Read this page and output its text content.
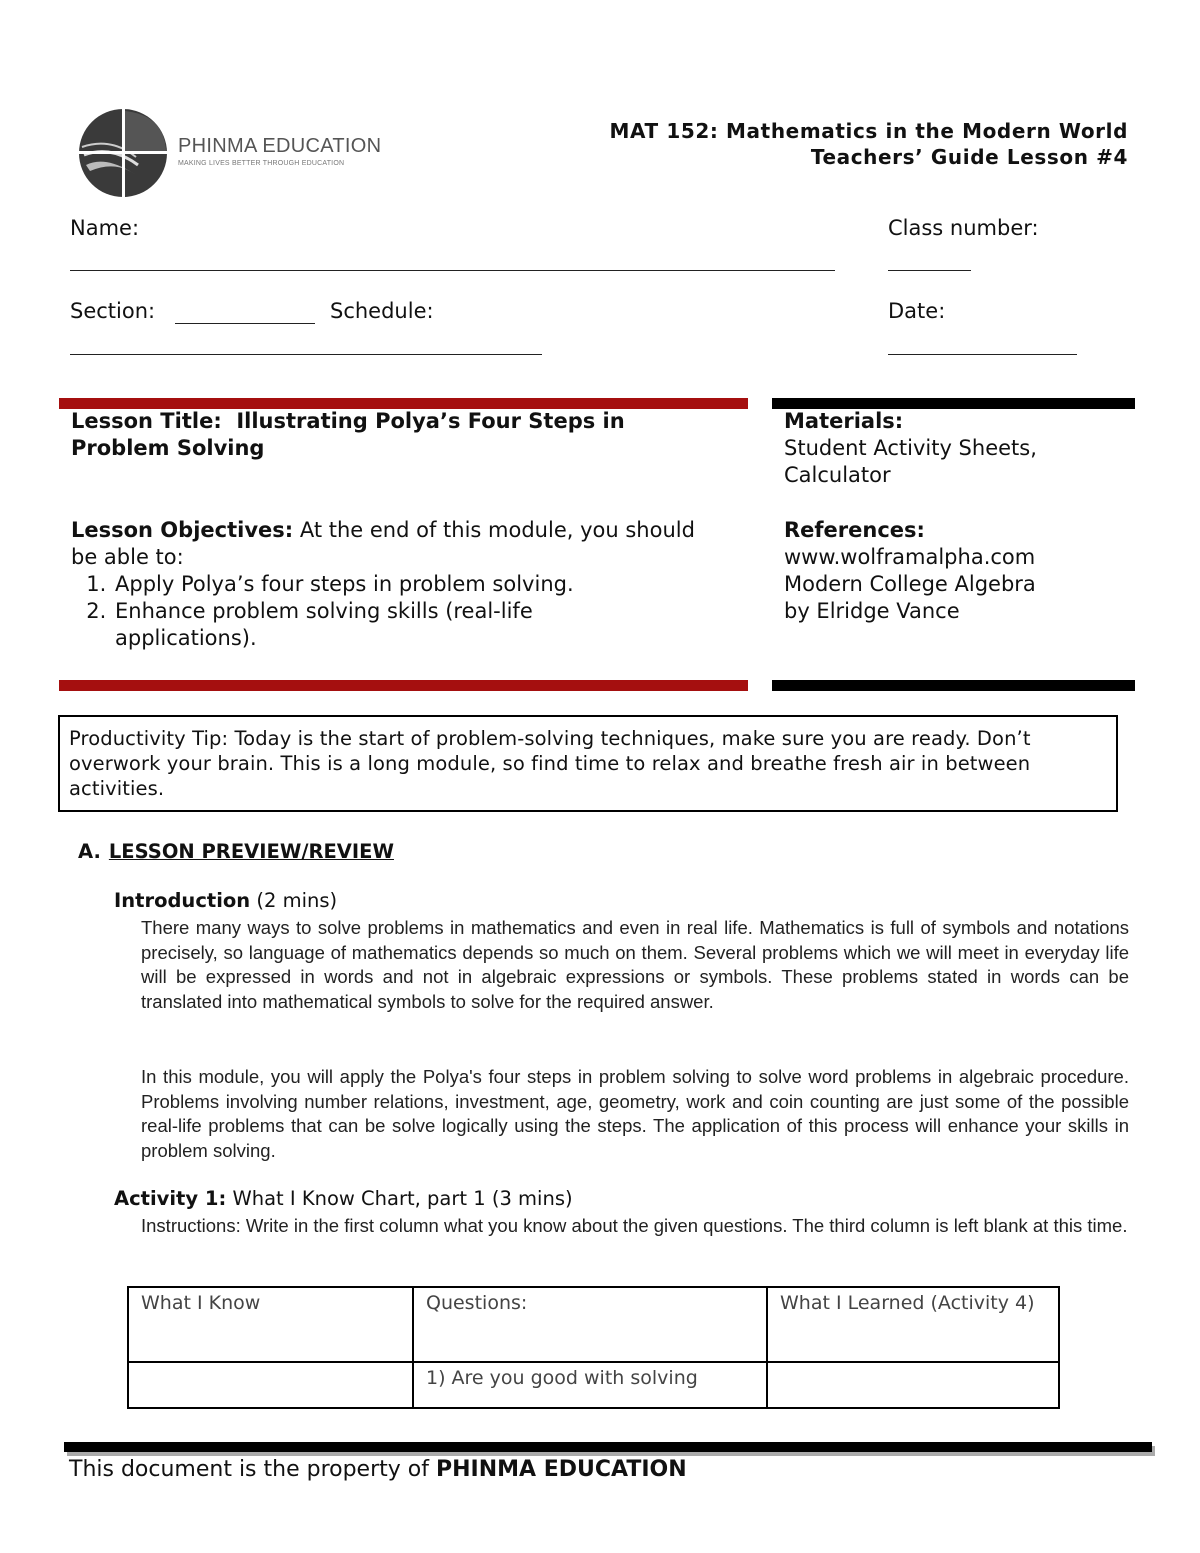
PHINMA EDUCATION
MAKING LIVES BETTER THROUGH EDUCATION
MAT 152: Mathematics in the Modern World
Teachers’ Guide Lesson #4
Name:	Class number:
Section:	Schedule:	Date:
Lesson Title: Illustrating Polya’s Four Steps in Problem Solving
Lesson Objectives: At the end of this module, you should be able to:
1. Apply Polya’s four steps in problem solving.
2. Enhance problem solving skills (real-life applications).
Materials:
Student Activity Sheets, Calculator
References:
www.wolframalpha.com
Modern College Algebra
by Elridge Vance
Productivity Tip: Today is the start of problem-solving techniques, make sure you are ready. Don’t overwork your brain. This is a long module, so find time to relax and breathe fresh air in between activities.
A. LESSON PREVIEW/REVIEW
Introduction (2 mins)
There many ways to solve problems in mathematics and even in real life. Mathematics is full of symbols and notations precisely, so language of mathematics depends so much on them. Several problems which we will meet in everyday life will be expressed in words and not in algebraic expressions or symbols. These problems stated in words can be translated into mathematical symbols to solve for the required answer.
In this module, you will apply the Polya's four steps in problem solving to solve word problems in algebraic procedure. Problems involving number relations, investment, age, geometry, work and coin counting are just some of the possible real-life problems that can be solve logically using the steps. The application of this process will enhance your skills in problem solving.
Activity 1: What I Know Chart, part 1 (3 mins)
Instructions: Write in the first column what you know about the given questions. The third column is left blank at this time.
What I Know	Questions:	What I Learned (Activity 4)
	1) Are you good with solving	
This document is the property of PHINMA EDUCATION
